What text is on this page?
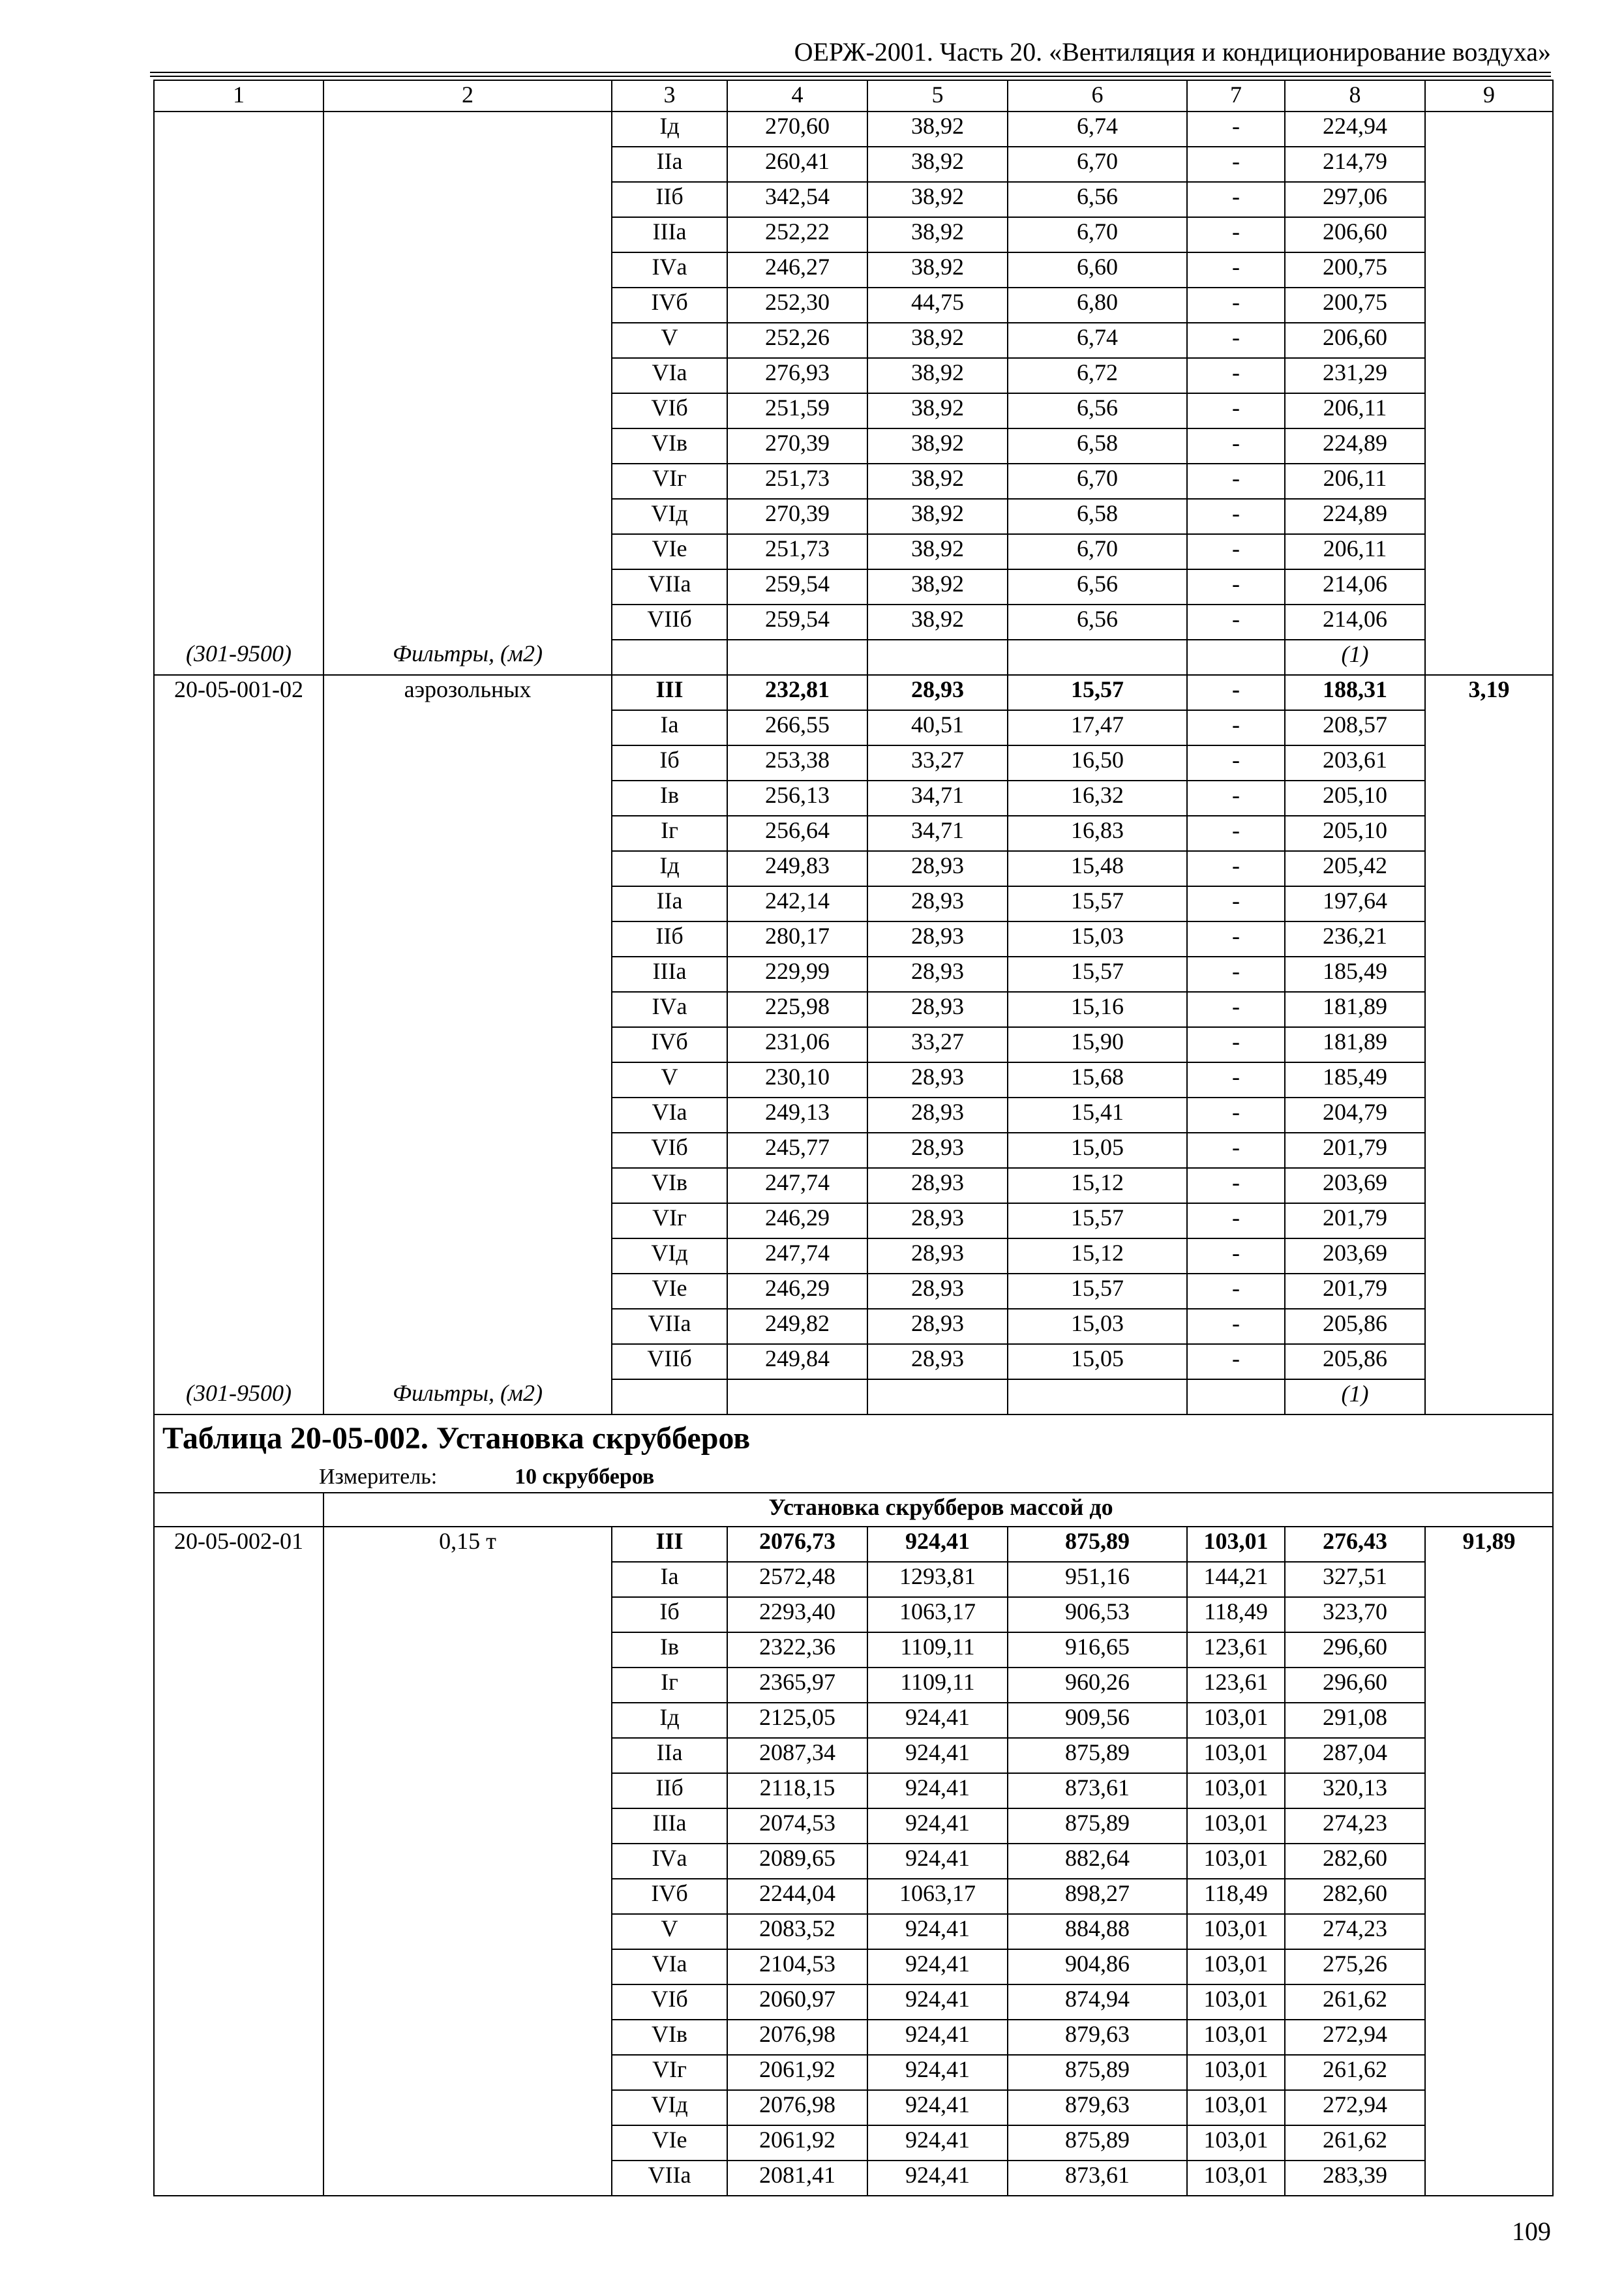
ОЕРЖ-2001. Часть 20. «Вентиляция и кондиционирование воздуха»
1	2	3	4	5	6	7	8	9
		Iд	270,60	38,92	6,74	-	224,94	
		IIа	260,41	38,92	6,70	-	214,79	
		IIб	342,54	38,92	6,56	-	297,06	
		IIIа	252,22	38,92	6,70	-	206,60	
		IVа	246,27	38,92	6,60	-	200,75	
		IVб	252,30	44,75	6,80	-	200,75	
		V	252,26	38,92	6,74	-	206,60	
		VIа	276,93	38,92	6,72	-	231,29	
		VIб	251,59	38,92	6,56	-	206,11	
		VIв	270,39	38,92	6,58	-	224,89	
		VIг	251,73	38,92	6,70	-	206,11	
		VIд	270,39	38,92	6,58	-	224,89	
		VIе	251,73	38,92	6,70	-	206,11	
		VIIа	259,54	38,92	6,56	-	214,06	
		VIIб	259,54	38,92	6,56	-	214,06	
(301-9500)	Фильтры, (м2)						(1)	
20-05-001-02	аэрозольных	III	232,81	28,93	15,57	-	188,31	3,19
		Iа	266,55	40,51	17,47	-	208,57	
		Iб	253,38	33,27	16,50	-	203,61	
		Iв	256,13	34,71	16,32	-	205,10	
		Iг	256,64	34,71	16,83	-	205,10	
		Iд	249,83	28,93	15,48	-	205,42	
		IIа	242,14	28,93	15,57	-	197,64	
		IIб	280,17	28,93	15,03	-	236,21	
		IIIа	229,99	28,93	15,57	-	185,49	
		IVа	225,98	28,93	15,16	-	181,89	
		IVб	231,06	33,27	15,90	-	181,89	
		V	230,10	28,93	15,68	-	185,49	
		VIа	249,13	28,93	15,41	-	204,79	
		VIб	245,77	28,93	15,05	-	201,79	
		VIв	247,74	28,93	15,12	-	203,69	
		VIг	246,29	28,93	15,57	-	201,79	
		VIд	247,74	28,93	15,12	-	203,69	
		VIе	246,29	28,93	15,57	-	201,79	
		VIIа	249,82	28,93	15,03	-	205,86	
		VIIб	249,84	28,93	15,05	-	205,86	
(301-9500)	Фильтры, (м2)						(1)	

Таблица 20-05-002. Установка скрубберов
Измеритель: 10 скрубберов								

	Установка скрубберов массой до							
20-05-002-01	0,15 т	III	2076,73	924,41	875,89	103,01	276,43	91,89
		Iа	2572,48	1293,81	951,16	144,21	327,51	
		Iб	2293,40	1063,17	906,53	118,49	323,70	
		Iв	2322,36	1109,11	916,65	123,61	296,60	
		Iг	2365,97	1109,11	960,26	123,61	296,60	
		Iд	2125,05	924,41	909,56	103,01	291,08	
		IIа	2087,34	924,41	875,89	103,01	287,04	
		IIб	2118,15	924,41	873,61	103,01	320,13	
		IIIа	2074,53	924,41	875,89	103,01	274,23	
		IVа	2089,65	924,41	882,64	103,01	282,60	
		IVб	2244,04	1063,17	898,27	118,49	282,60	
		V	2083,52	924,41	884,88	103,01	274,23	
		VIа	2104,53	924,41	904,86	103,01	275,26	
		VIб	2060,97	924,41	874,94	103,01	261,62	
		VIв	2076,98	924,41	879,63	103,01	272,94	
		VIг	2061,92	924,41	875,89	103,01	261,62	
		VIд	2076,98	924,41	879,63	103,01	272,94	
		VIе	2061,92	924,41	875,89	103,01	261,62	
		VIIа	2081,41	924,41	873,61	103,01	283,39	
109
